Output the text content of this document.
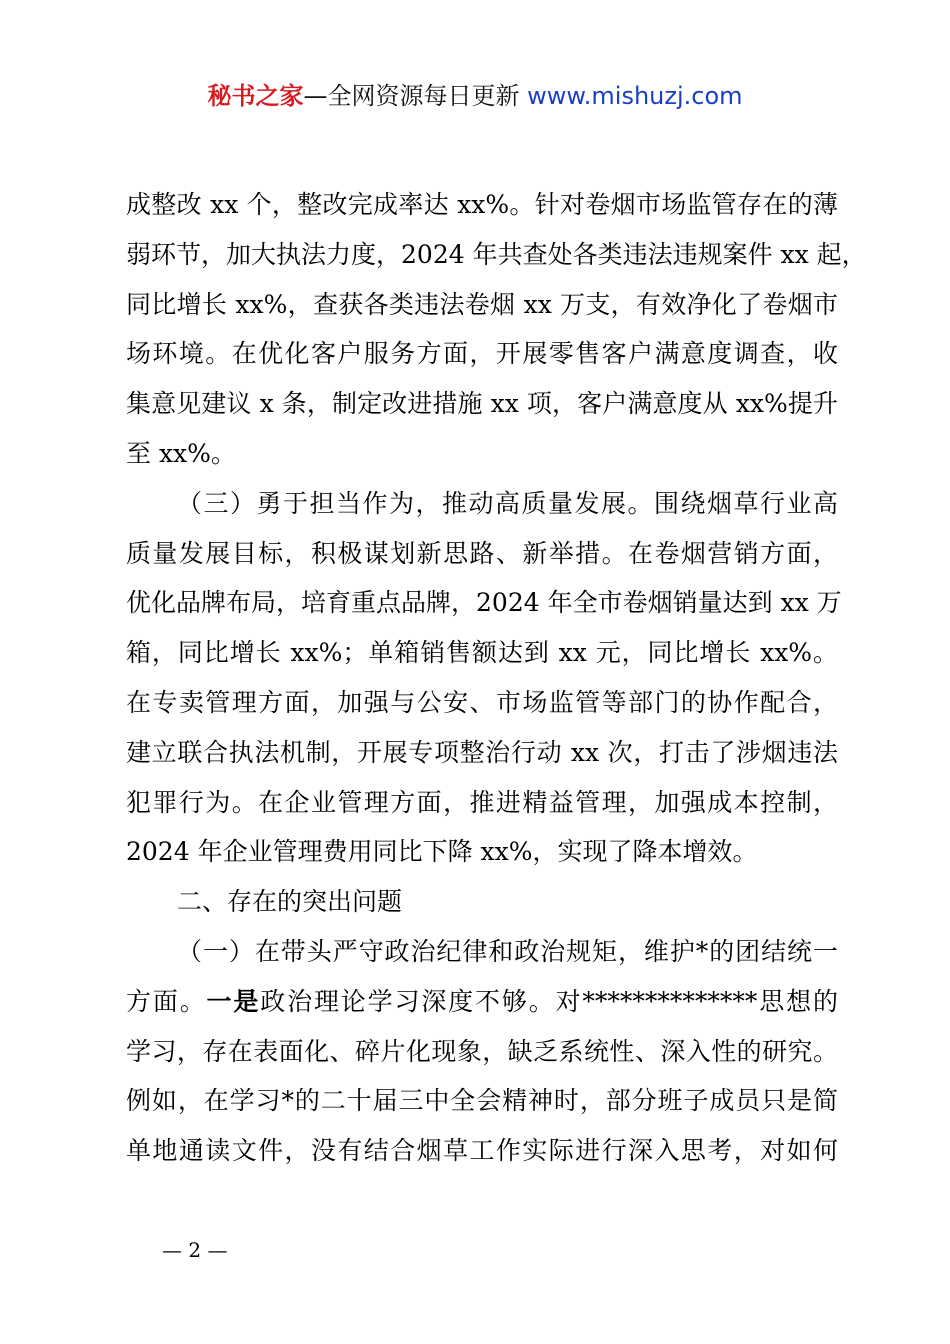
秘书之家—全网资源每日更新 www.mishuzj.com
成整改 xx 个，整改完成率达 xx%。针对卷烟市场监管存在的薄
弱环节，加大执法力度，2024 年共查处各类违法违规案件 xx 起，
同比增长 xx%，查获各类违法卷烟 xx 万支，有效净化了卷烟市
场环境。在优化客户服务方面，开展零售客户满意度调查，收
集意见建议 x 条，制定改进措施 xx 项，客户满意度从 xx%提升
至 xx%。
（三）勇于担当作为，推动高质量发展。围绕烟草行业高
质量发展目标，积极谋划新思路、新举措。在卷烟营销方面，
优化品牌布局，培育重点品牌，2024 年全市卷烟销量达到 xx 万
箱，同比增长 xx%；单箱销售额达到 xx 元，同比增长 xx%。
在专卖管理方面，加强与公安、市场监管等部门的协作配合，
建立联合执法机制，开展专项整治行动 xx 次，打击了涉烟违法
犯罪行为。在企业管理方面，推进精益管理，加强成本控制，
2024 年企业管理费用同比下降 xx%，实现了降本增效。
二、存在的突出问题
（一）在带头严守政治纪律和政治规矩，维护*的团结统一
方面。一是政治理论学习深度不够。对**************思想的
学习，存在表面化、碎片化现象，缺乏系统性、深入性的研究。
例如，在学习*的二十届三中全会精神时，部分班子成员只是简
单地通读文件，没有结合烟草工作实际进行深入思考，对如何
— 2 —
